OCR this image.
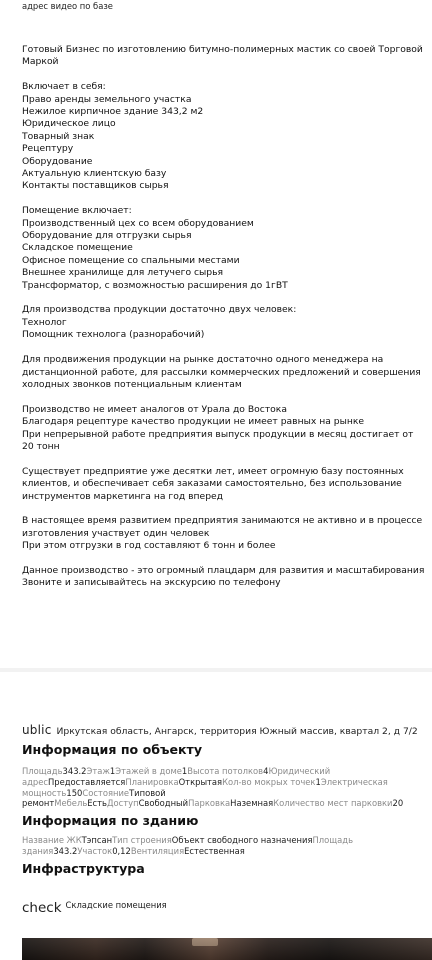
адрес видео по базе
Готовый Бизнес по изготовлению битумно-полимерных мастик со своей Торговой Маркой
Включает в себя:
Право аренды земельного участка
Нежилое кирпичное здание 343,2 м2
Юридическое лицо
Товарный знак
Рецептуру
Оборудование
Актуальную клиентскую базу
Контакты поставщиков сырья
Помещение включает:
Производственный цех со всем оборудованием
Оборудование для отгрузки сырья
Складское помещение
Офисное помещение со спальными местами
Внешнее хранилище для летучего сырья
Трансформатор, с возможностью расширения до 1гВТ
Для производства продукции достаточно двух человек:
Технолог
Помощник технолога (разнорабочий)
Для продвижения продукции на рынке достаточно одного менеджера на дистанционной работе, для рассылки коммерческих предложений и совершения холодных звонков потенциальным клиентам
Производство не имеет аналогов от Урала до Востока
Благодаря рецептуре качество продукции не имеет равных на рынке
При непрерывной работе предприятия выпуск продукции в месяц достигает от 20 тонн
Существует предприятие уже десятки лет, имеет огромную базу постоянных клиентов, и обеспечивает себя заказами самостоятельно, без использование инструментов маркетинга на год вперед
В настоящее время развитием предприятия занимаются не активно и в процессе изготовления участвует один человек
При этом отгрузки в год составляют 6 тонн и более
Данное производство - это огромный плацдарм для развития и масштабирования
Звоните и записывайтесь на экскурсию по телефону
ublic Иркутская область, Ангарск, территория Южный массив, квартал 2, д 7/2
Информация по объекту
Площадь343.2Этаж1Этажей в доме1Высота потолков4Юридический адресПредоставляетсяПланировкаОткрытаяКол-во мокрых точек1Электрическая мощность150СостояниеТиповой ремонтМебельЕстьДоступСвободныйПарковкаНаземнаяКоличество мест парковки20
Информация по зданию
Название ЖКТэпсанТип строенияОбъект свободного назначенияПлощадь здания343.2Участок0,12ВентиляцияЕстественная
Инфраструктура
check Складские помещения
